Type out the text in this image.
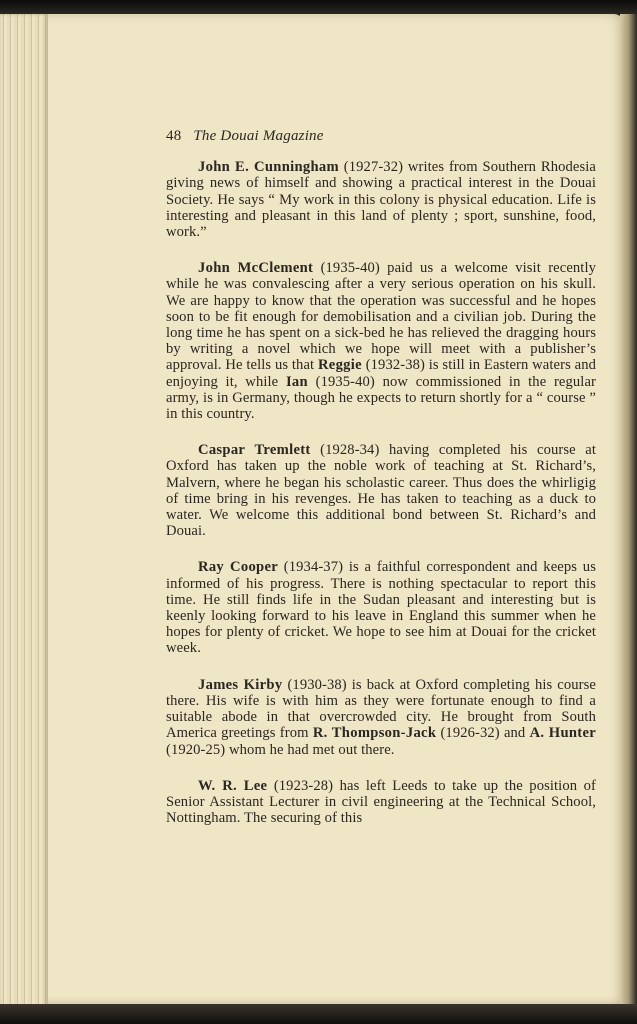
48 The Douai Magazine

John E. Cunningham (1927-32) writes from Southern Rhodesia giving news of himself and showing a practical interest in the Douai Society. He says “ My work in this colony is physical education. Life is interesting and pleasant in this land of plenty ; sport, sunshine, food, work.”

John McClement (1935-40) paid us a welcome visit recently while he was convalescing after a very serious operation on his skull. We are happy to know that the operation was successful and he hopes soon to be fit enough for demobilisation and a civilian job. During the long time he has spent on a sick-bed he has relieved the dragging hours by writing a novel which we hope will meet with a publisher’s approval. He tells us that Reggie (1932-38) is still in Eastern waters and enjoying it, while Ian (1935-40) now commissioned in the regular army, is in Germany, though he expects to return shortly for a “ course ” in this country.

Caspar Tremlett (1928-34) having completed his course at Oxford has taken up the noble work of teaching at St. Richard’s, Malvern, where he began his scholastic career. Thus does the whirligig of time bring in his revenges. He has taken to teaching as a duck to water. We welcome this additional bond between St. Richard’s and Douai.

Ray Cooper (1934-37) is a faithful correspondent and keeps us informed of his progress. There is nothing spectacular to report this time. He still finds life in the Sudan pleasant and interesting but is keenly looking forward to his leave in England this summer when he hopes for plenty of cricket. We hope to see him at Douai for the cricket week.

James Kirby (1930-38) is back at Oxford completing his course there. His wife is with him as they were fortunate enough to find a suitable abode in that overcrowded city. He brought from South America greetings from R. Thompson-Jack (1926-32) and A. Hunter (1920-25) whom he had met out there.

W. R. Lee (1923-28) has left Leeds to take up the position of Senior Assistant Lecturer in civil engineering at the Technical School, Nottingham. The securing of this
